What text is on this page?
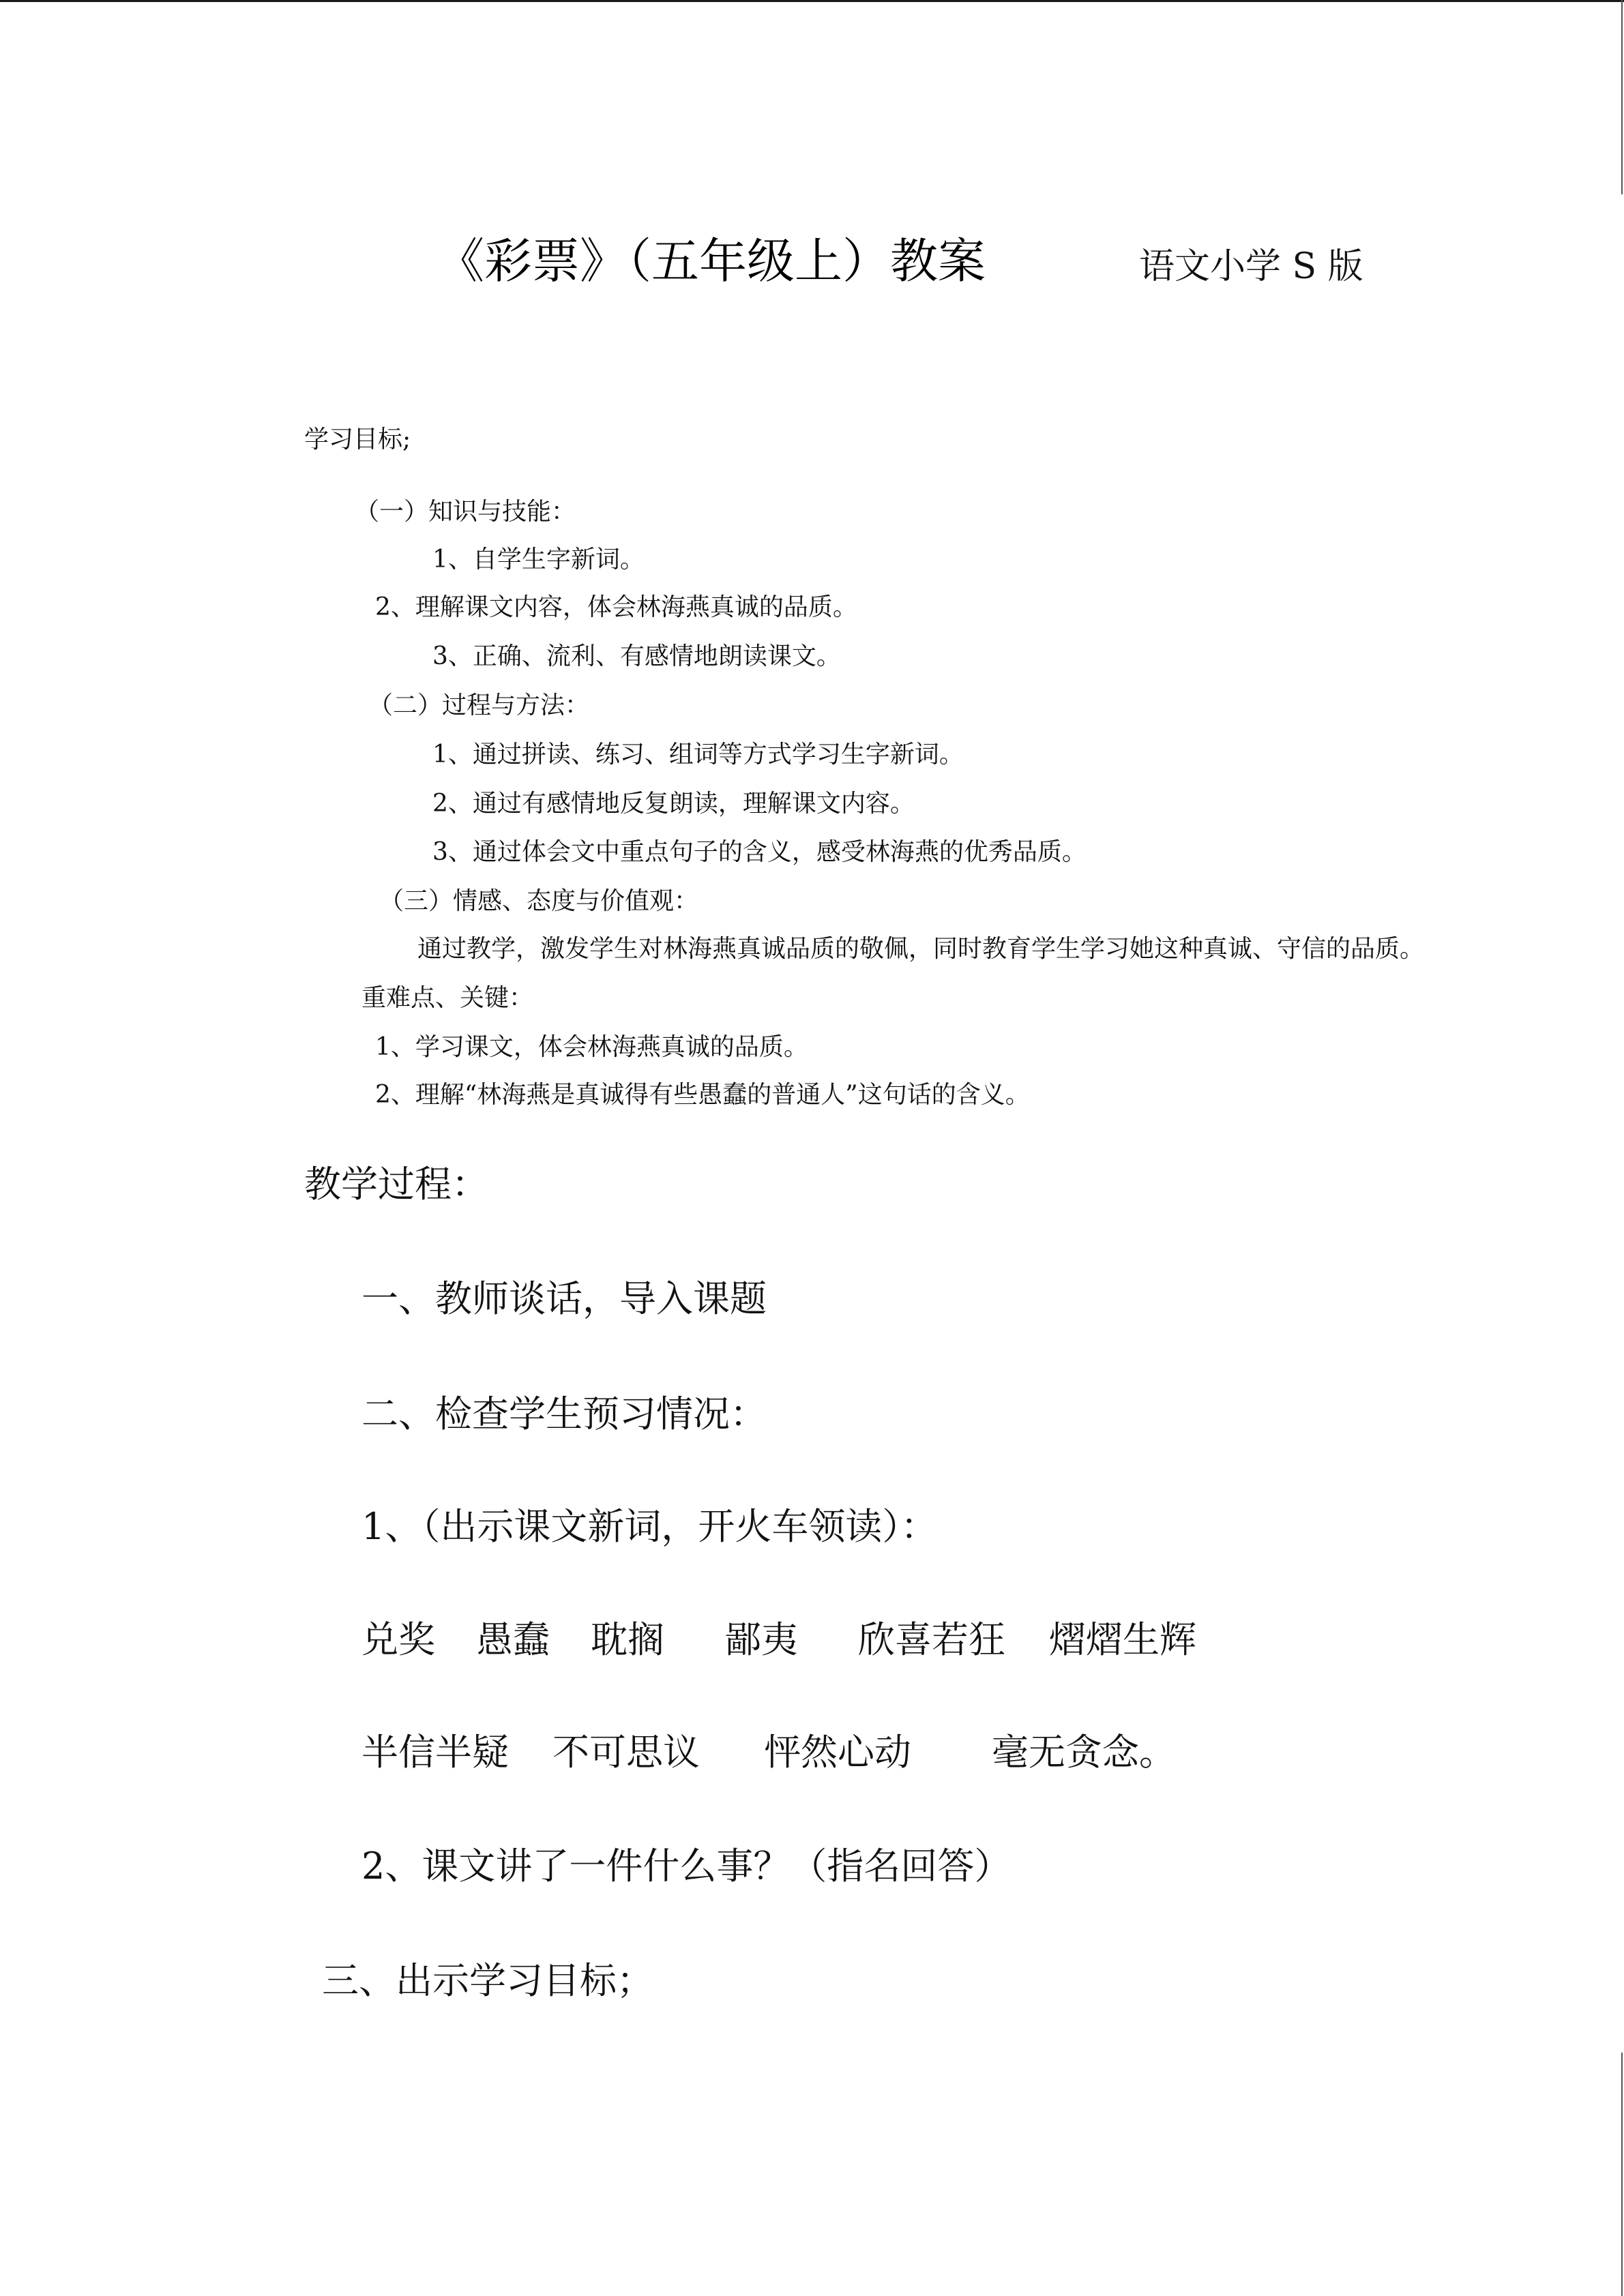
《彩票》（五年级上）教案	语文小学 S 版
学习目标;
（一）知识与技能：
1、自学生字新词。
2、理解课文内容，体会林海燕真诚的品质。
3、正确、流利、有感情地朗读课文。
（二）过程与方法：
1、通过拼读、练习、组词等方式学习生字新词。
2、通过有感情地反复朗读，理解课文内容。
3、通过体会文中重点句子的含义，感受林海燕的优秀品质。
（三）情感、态度与价值观：
通过教学，激发学生对林海燕真诚品质的敬佩，同时教育学生学习她这种真诚、守信的品质。
重难点、关键：
1、学习课文，体会林海燕真诚的品质。
2、理解“林海燕是真诚得有些愚蠢的普通人”这句话的含义。
教学过程：
一、教师谈话，导入课题
二、检查学生预习情况：
1、（出示课文新词，开火车领读）：
兑奖 愚蠢 耽搁 鄙夷 欣喜若狂 熠熠生辉
半信半疑 不可思议 怦然心动 毫无贪念。
2、课文讲了一件什么事？（指名回答）
三、出示学习目标；
